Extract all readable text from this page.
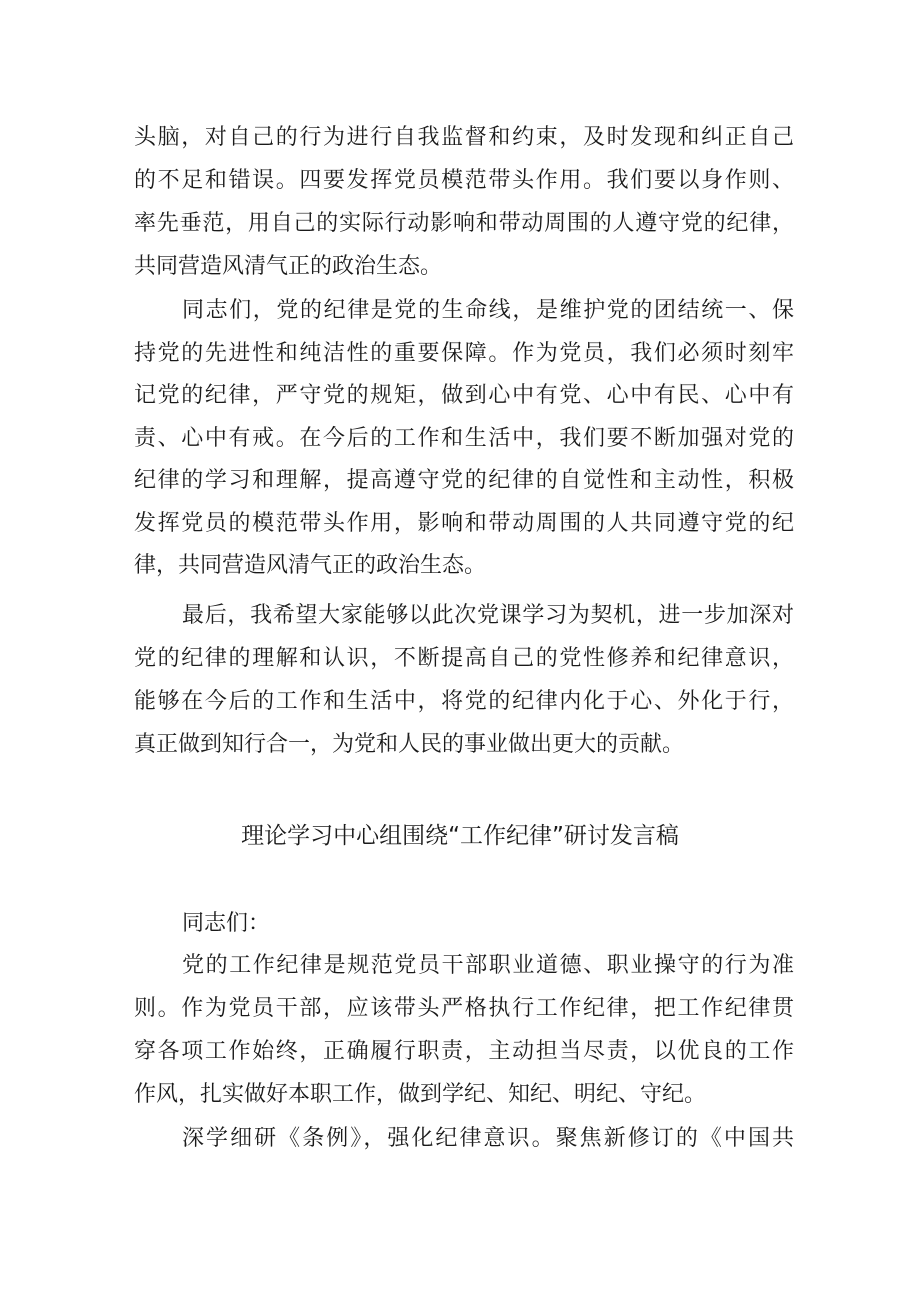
头脑，对自己的行为进行自我监督和约束，及时发现和纠正自己
的不足和错误。四要发挥党员模范带头作用。我们要以身作则、
率先垂范，用自己的实际行动影响和带动周围的人遵守党的纪律，
共同营造风清气正的政治生态。
同志们，党的纪律是党的生命线，是维护党的团结统一、保
持党的先进性和纯洁性的重要保障。作为党员，我们必须时刻牢
记党的纪律，严守党的规矩，做到心中有党、心中有民、心中有
责、心中有戒。在今后的工作和生活中，我们要不断加强对党的
纪律的学习和理解，提高遵守党的纪律的自觉性和主动性，积极
发挥党员的模范带头作用，影响和带动周围的人共同遵守党的纪
律，共同营造风清气正的政治生态。
最后，我希望大家能够以此次党课学习为契机，进一步加深对
党的纪律的理解和认识，不断提高自己的党性修养和纪律意识，
能够在今后的工作和生活中，将党的纪律内化于心、外化于行，
真正做到知行合一，为党和人民的事业做出更大的贡献。
理论学习中心组围绕“工作纪律”研讨发言稿

同志们：

党的工作纪律是规范党员干部职业道德、职业操守的行为准
则。作为党员干部，应该带头严格执行工作纪律，把工作纪律贯
穿各项工作始终，正确履行职责，主动担当尽责，以优良的工作
作风，扎实做好本职工作，做到学纪、知纪、明纪、守纪。
深学细研《条例》，强化纪律意识。聚焦新修订的《中国共
